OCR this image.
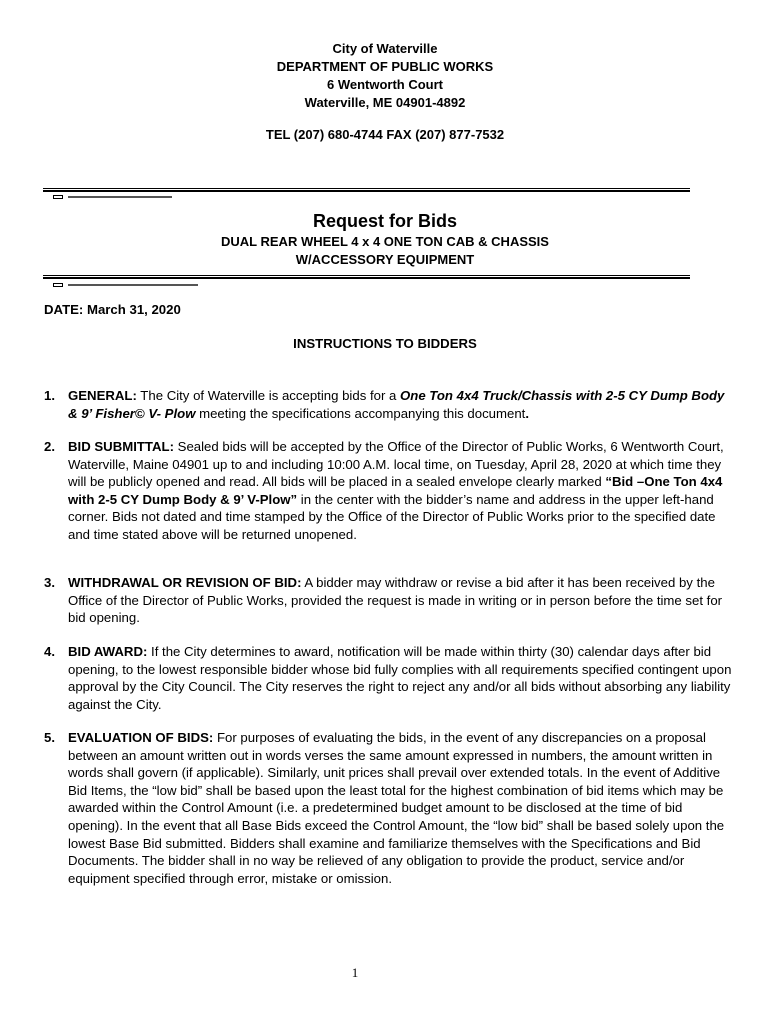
City of Waterville
DEPARTMENT OF PUBLIC WORKS
6 Wentworth Court
Waterville, ME 04901-4892
TEL (207) 680-4744 FAX (207) 877-7532
Request for Bids
DUAL REAR WHEEL 4 x 4 ONE TON CAB & CHASSIS
W/ACCESSORY EQUIPMENT
DATE: March 31, 2020
INSTRUCTIONS TO BIDDERS
1. GENERAL: The City of Waterville is accepting bids for a One Ton 4x4 Truck/Chassis with 2-5 CY Dump Body & 9’ Fisher© V- Plow meeting the specifications accompanying this document.
2. BID SUBMITTAL: Sealed bids will be accepted by the Office of the Director of Public Works, 6 Wentworth Court, Waterville, Maine 04901 up to and including 10:00 A.M. local time, on Tuesday, April 28, 2020 at which time they will be publicly opened and read. All bids will be placed in a sealed envelope clearly marked “Bid –One Ton 4x4 with 2-5 CY Dump Body & 9’ V-Plow” in the center with the bidder’s name and address in the upper left-hand corner. Bids not dated and time stamped by the Office of the Director of Public Works prior to the specified date and time stated above will be returned unopened.
3. WITHDRAWAL OR REVISION OF BID: A bidder may withdraw or revise a bid after it has been received by the Office of the Director of Public Works, provided the request is made in writing or in person before the time set for bid opening.
4. BID AWARD: If the City determines to award, notification will be made within thirty (30) calendar days after bid opening, to the lowest responsible bidder whose bid fully complies with all requirements specified contingent upon approval by the City Council. The City reserves the right to reject any and/or all bids without absorbing any liability against the City.
5. EVALUATION OF BIDS: For purposes of evaluating the bids, in the event of any discrepancies on a proposal between an amount written out in words verses the same amount expressed in numbers, the amount written in words shall govern (if applicable). Similarly, unit prices shall prevail over extended totals. In the event of Additive Bid Items, the “low bid” shall be based upon the least total for the highest combination of bid items which may be awarded within the Control Amount (i.e. a predetermined budget amount to be disclosed at the time of bid opening). In the event that all Base Bids exceed the Control Amount, the “low bid” shall be based solely upon the lowest Base Bid submitted. Bidders shall examine and familiarize themselves with the Specifications and Bid Documents. The bidder shall in no way be relieved of any obligation to provide the product, service and/or equipment specified through error, mistake or omission.
1
